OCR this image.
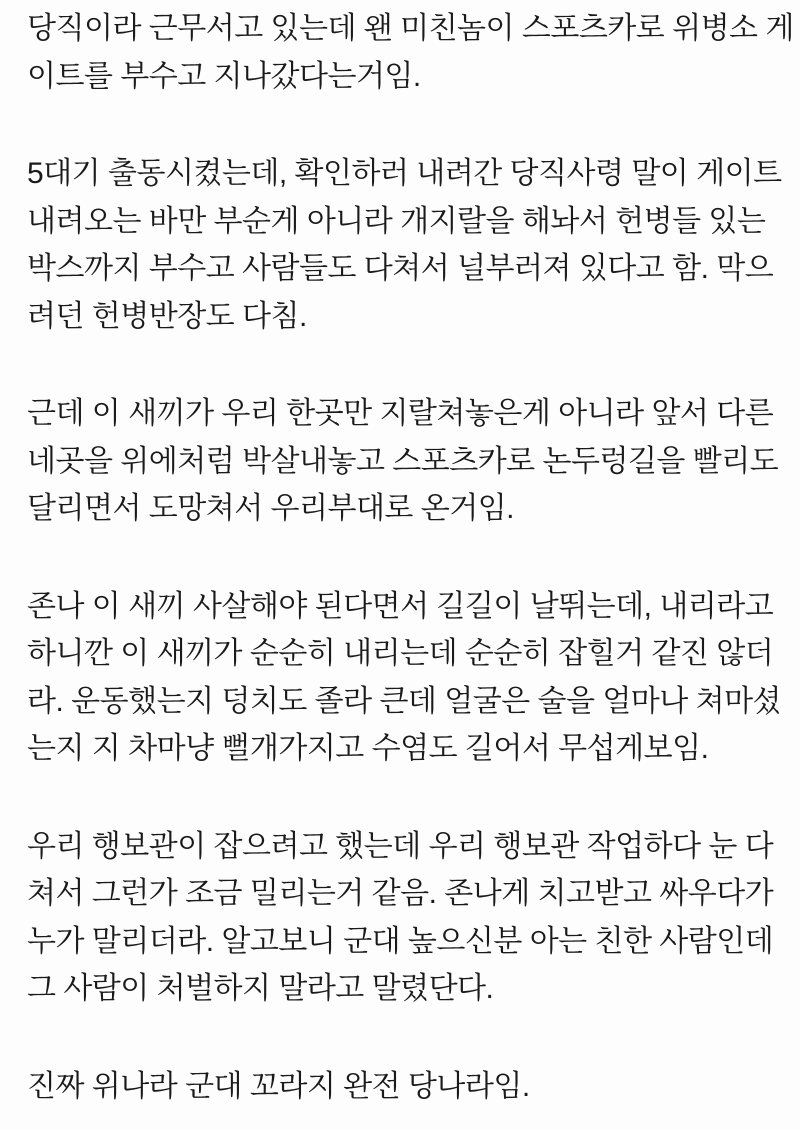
당직이라 근무서고 있는데 왠 미친놈이 스포츠카로 위병소 게
이트를 부수고 지나갔다는거임.

5대기 출동시켰는데, 확인하러 내려간 당직사령 말이 게이트
내려오는 바만 부순게 아니라 개지랄을 해놔서 헌병들 있는
박스까지 부수고 사람들도 다쳐서 널부러져 있다고 함. 막으
려던 헌병반장도 다침.

근데 이 새끼가 우리 한곳만 지랄쳐놓은게 아니라 앞서 다른
네곳을 위에처럼 박살내놓고 스포츠카로 논두렁길을 빨리도
달리면서 도망쳐서 우리부대로 온거임.

존나 이 새끼 사살해야 된다면서 길길이 날뛰는데, 내리라고
하니깐 이 새끼가 순순히 내리는데 순순히 잡힐거 같진 않더
라. 운동했는지 덩치도 졸라 큰데 얼굴은 술을 얼마나 쳐마셨
는지 지 차마냥 뻘개가지고 수염도 길어서 무섭게보임.

우리 행보관이 잡으려고 했는데 우리 행보관 작업하다 눈 다
쳐서 그런가 조금 밀리는거 같음. 존나게 치고받고 싸우다가
누가 말리더라. 알고보니 군대 높으신분 아는 친한 사람인데
그 사람이 처벌하지 말라고 말렸단다.

진짜 위나라 군대 꼬라지 완전 당나라임.
